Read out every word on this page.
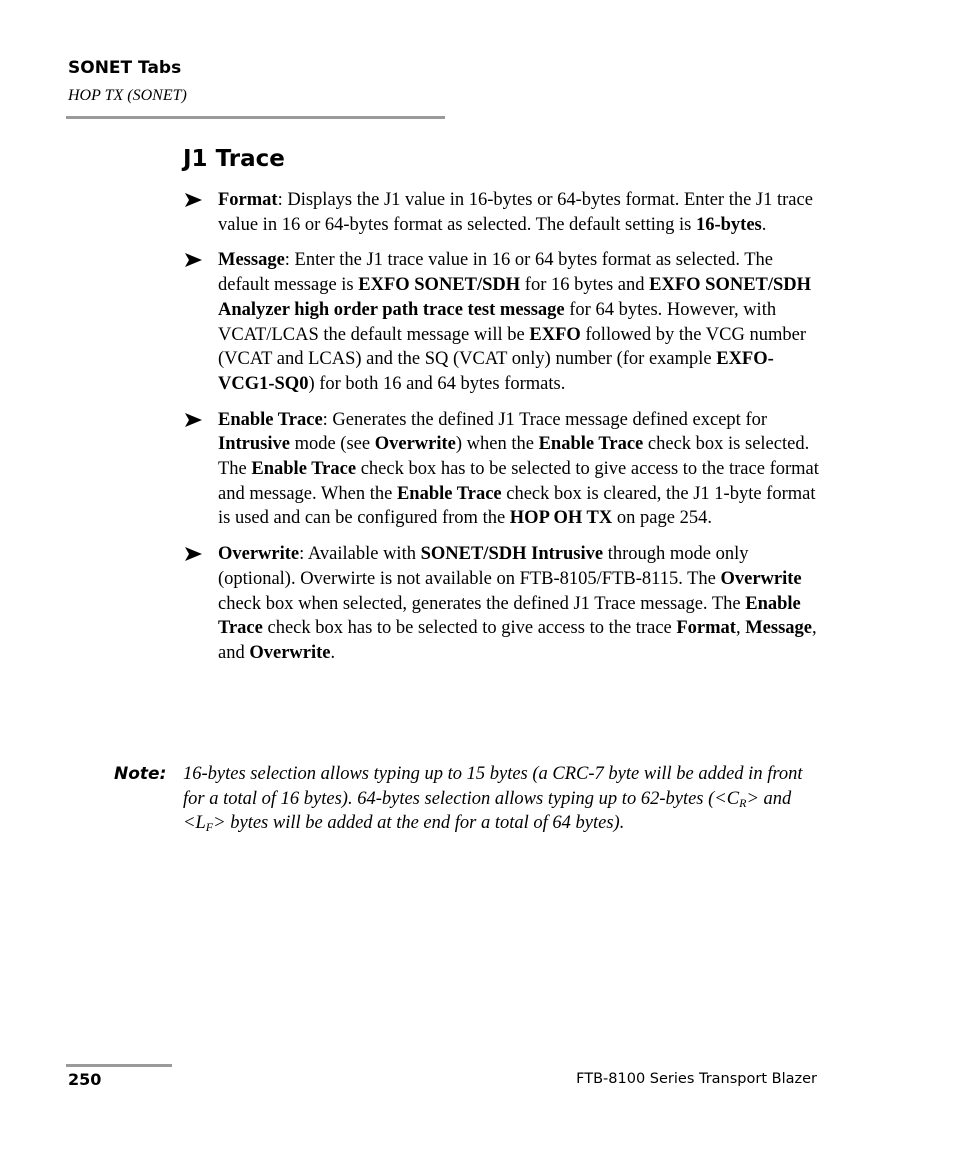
SONET Tabs
HOP TX (SONET)
J1 Trace
Format: Displays the J1 value in 16-bytes or 64-bytes format. Enter the J1 trace value in 16 or 64-bytes format as selected. The default setting is 16-bytes.
Message: Enter the J1 trace value in 16 or 64 bytes format as selected. The default message is EXFO SONET/SDH for 16 bytes and EXFO SONET/SDH Analyzer high order path trace test message for 64 bytes. However, with VCAT/LCAS the default message will be EXFO followed by the VCG number (VCAT and LCAS) and the SQ (VCAT only) number (for example EXFO-VCG1-SQ0) for both 16 and 64 bytes formats.
Enable Trace: Generates the defined J1 Trace message defined except for Intrusive mode (see Overwrite) when the Enable Trace check box is selected. The Enable Trace check box has to be selected to give access to the trace format and message. When the Enable Trace check box is cleared, the J1 1-byte format is used and can be configured from the HOP OH TX on page 254.
Overwrite: Available with SONET/SDH Intrusive through mode only (optional). Overwirte is not available on FTB-8105/FTB-8115. The Overwrite check box when selected, generates the defined J1 Trace message. The Enable Trace check box has to be selected to give access to the trace Format, Message, and Overwrite.
Note: 16-bytes selection allows typing up to 15 bytes (a CRC-7 byte will be added in front for a total of 16 bytes). 64-bytes selection allows typing up to 62-bytes ($<C_R>$ and $<L_F>$ bytes will be added at the end for a total of 64 bytes).
250	FTB-8100 Series Transport Blazer
